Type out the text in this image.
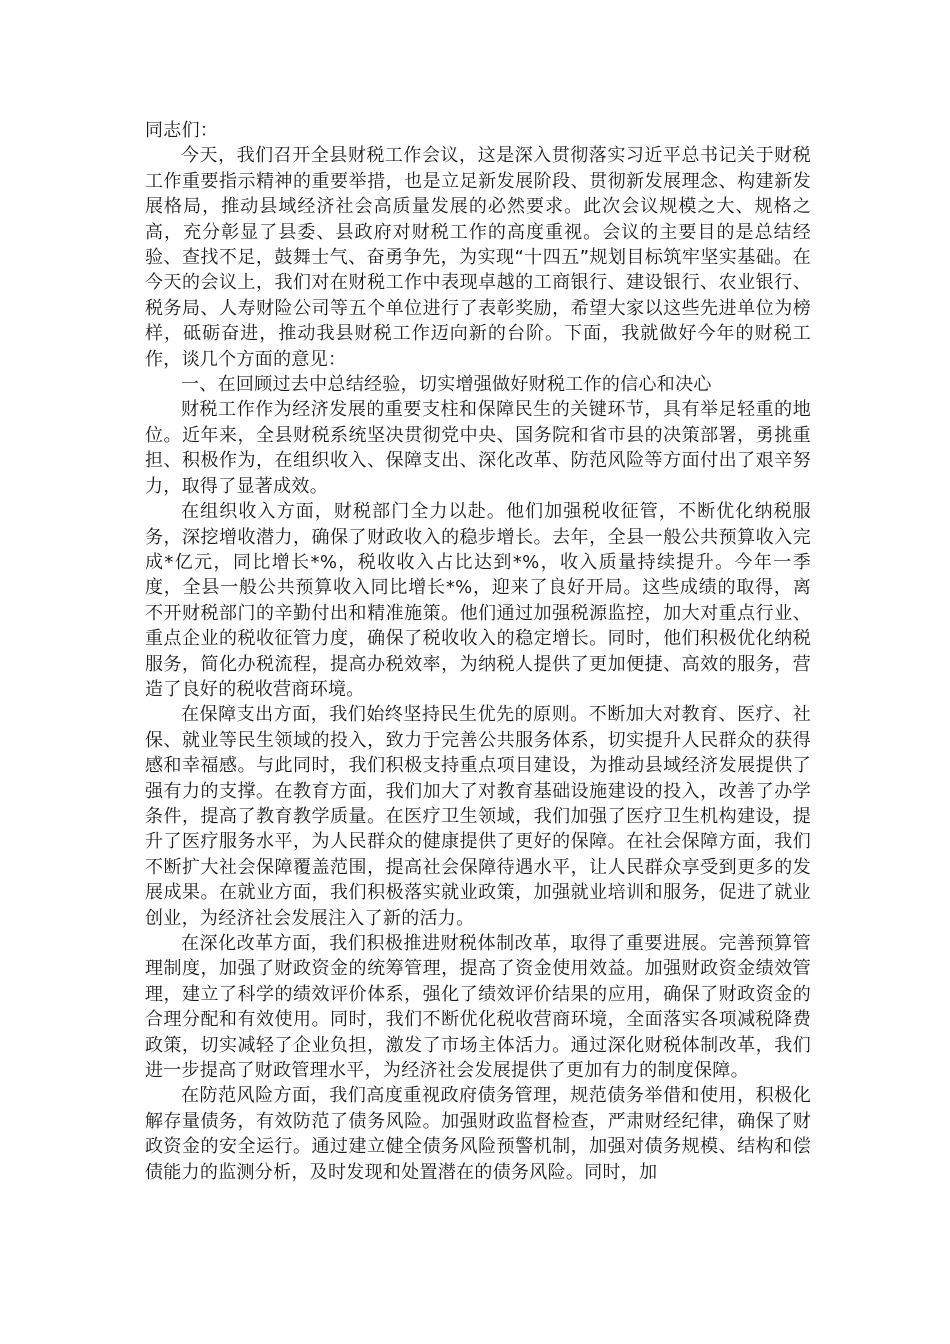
同志们：

今天，我们召开全县财税工作会议，这是深入贯彻落实习近平总书记关于财税工作重要指示精神的重要举措，也是立足新发展阶段、贯彻新发展理念、构建新发展格局，推动县域经济社会高质量发展的必然要求。此次会议规模之大、规格之高，充分彰显了县委、县政府对财税工作的高度重视。会议的主要目的是总结经验、查找不足，鼓舞士气、奋勇争先，为实现“十四五”规划目标筑牢坚实基础。在今天的会议上，我们对在财税工作中表现卓越的工商银行、建设银行、农业银行、税务局、人寿财险公司等五个单位进行了表彰奖励，希望大家以这些先进单位为榜样，砥砺奋进，推动我县财税工作迈向新的台阶。下面，我就做好今年的财税工作，谈几个方面的意见：

一、在回顾过去中总结经验，切实增强做好财税工作的信心和决心

财税工作作为经济发展的重要支柱和保障民生的关键环节，具有举足轻重的地位。近年来，全县财税系统坚决贯彻党中央、国务院和省市县的决策部署，勇挑重担、积极作为，在组织收入、保障支出、深化改革、防范风险等方面付出了艰辛努力，取得了显著成效。

在组织收入方面，财税部门全力以赴。他们加强税收征管，不断优化纳税服务，深挖增收潜力，确保了财政收入的稳步增长。去年，全县一般公共预算收入完成*亿元，同比增长*%，税收收入占比达到*%，收入质量持续提升。今年一季度，全县一般公共预算收入同比增长*%，迎来了良好开局。这些成绩的取得，离不开财税部门的辛勤付出和精准施策。他们通过加强税源监控，加大对重点行业、重点企业的税收征管力度，确保了税收收入的稳定增长。同时，他们积极优化纳税服务，简化办税流程，提高办税效率，为纳税人提供了更加便捷、高效的服务，营造了良好的税收营商环境。

在保障支出方面，我们始终坚持民生优先的原则。不断加大对教育、医疗、社保、就业等民生领域的投入，致力于完善公共服务体系，切实提升人民群众的获得感和幸福感。与此同时，我们积极支持重点项目建设，为推动县域经济发展提供了强有力的支撑。在教育方面，我们加大了对教育基础设施建设的投入，改善了办学条件，提高了教育教学质量。在医疗卫生领域，我们加强了医疗卫生机构建设，提升了医疗服务水平，为人民群众的健康提供了更好的保障。在社会保障方面，我们不断扩大社会保障覆盖范围，提高社会保障待遇水平，让人民群众享受到更多的发展成果。在就业方面，我们积极落实就业政策，加强就业培训和服务，促进了就业创业，为经济社会发展注入了新的活力。

在深化改革方面，我们积极推进财税体制改革，取得了重要进展。完善预算管理制度，加强了财政资金的统筹管理，提高了资金使用效益。加强财政资金绩效管理，建立了科学的绩效评价体系，强化了绩效评价结果的应用，确保了财政资金的合理分配和有效使用。同时，我们不断优化税收营商环境，全面落实各项减税降费政策，切实减轻了企业负担，激发了市场主体活力。通过深化财税体制改革，我们进一步提高了财政管理水平，为经济社会发展提供了更加有力的制度保障。

在防范风险方面，我们高度重视政府债务管理，规范债务举借和使用，积极化解存量债务，有效防范了债务风险。加强财政监督检查，严肃财经纪律，确保了财政资金的安全运行。通过建立健全债务风险预警机制，加强对债务规模、结构和偿债能力的监测分析，及时发现和处置潜在的债务风险。同时，加
